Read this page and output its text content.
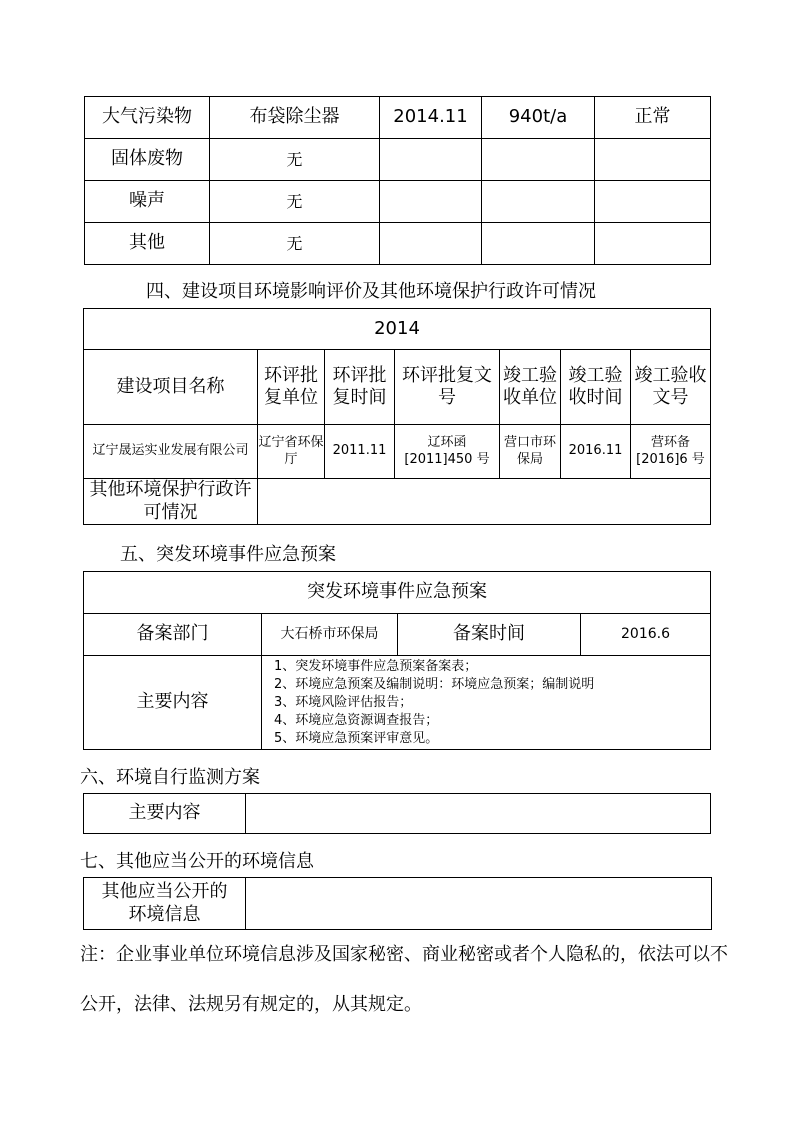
大气污染物	布袋除尘器	2014.11	940t/a	正常
固体废物	无			
噪声	无			
其他	无			
四、建设项目环境影响评价及其他环境保护行政许可情况
2014						
建设项目名称	环评批复单位	环评批复时间	环评批复文号	竣工验收单位	竣工验收时间	竣工验收文号
辽宁晟运实业发展有限公司	辽宁省环保厅	2011.11	辽环函[2011]450 号	营口市环保局	2016.11	营环备[2016]6 号
其他环境保护行政许可情况						
五、突发环境事件应急预案
突发环境事件应急预案			
备案部门	大石桥市环保局	备案时间	2016.6
主要内容	1、突发环境事件应急预案备案表；
2、环境应急预案及编制说明：环境应急预案；编制说明
3、环境风险评估报告；
4、环境应急资源调查报告；
5、环境应急预案评审意见。		
六、环境自行监测方案
主要内容	
七、其他应当公开的环境信息
其他应当公开的环境信息	
注：企业事业单位环境信息涉及国家秘密、商业秘密或者个人隐私的，依法可以不公开，法律、法规另有规定的，从其规定。
